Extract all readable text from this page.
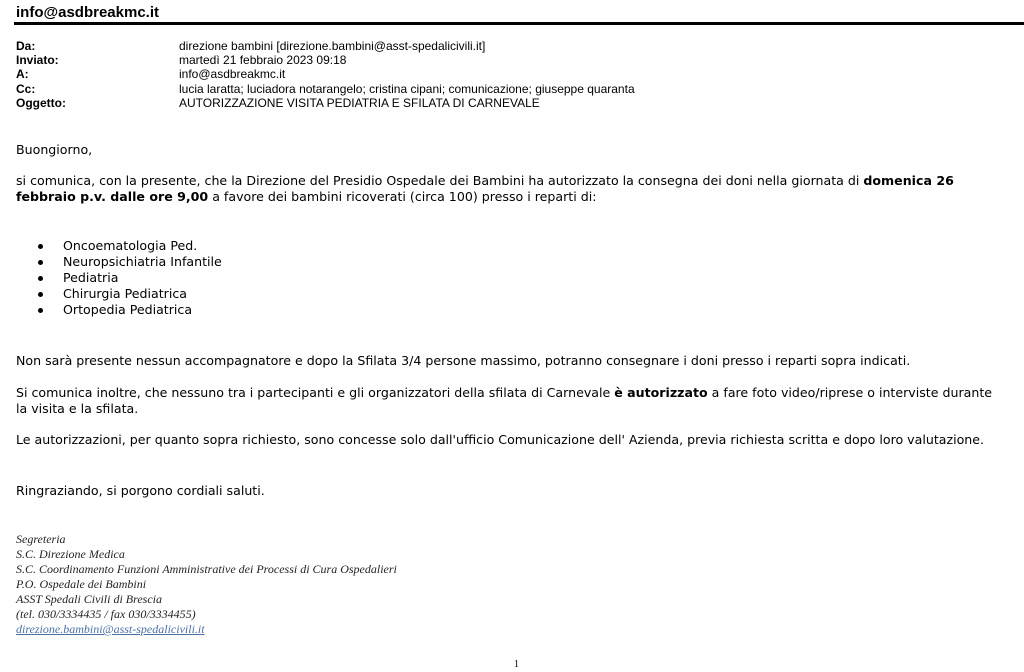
info@asdbreakmc.it
Da:	direzione bambini [direzione.bambini@asst-spedalicivili.it]
Inviato:	martedì 21 febbraio 2023 09:18
A:	info@asdbreakmc.it
Cc:	lucia laratta; luciadora notarangelo; cristina cipani; comunicazione; giuseppe quaranta
Oggetto:	AUTORIZZAZIONE VISITA PEDIATRIA E SFILATA DI CARNEVALE
Buongiorno,
si comunica, con la presente, che la Direzione del Presidio Ospedale dei Bambini ha autorizzato la consegna dei doni nella giornata di domenica 26 febbraio p.v. dalle ore 9,00 a favore dei bambini ricoverati (circa 100) presso i reparti di:
Oncoematologia Ped.
Neuropsichiatria Infantile
Pediatria
Chirurgia Pediatrica
Ortopedia Pediatrica
Non sarà presente nessun accompagnatore e dopo la Sfilata 3/4 persone massimo, potranno consegnare i doni presso i reparti sopra indicati.
Si comunica inoltre, che nessuno tra i partecipanti e gli organizzatori della sfilata di Carnevale è autorizzato a fare foto video/riprese o interviste durante la visita e la sfilata.
Le autorizzazioni, per quanto sopra richiesto, sono concesse solo dall'ufficio Comunicazione dell' Azienda, previa richiesta scritta e dopo loro valutazione.
Ringraziando, si porgono cordiali saluti.
Segreteria
S.C. Direzione Medica
S.C. Coordinamento Funzioni Amministrative dei Processi di Cura Ospedalieri
P.O. Ospedale dei Bambini
ASST Spedali Civili di Brescia
(tel. 030/3334435 / fax 030/3334455)
direzione.bambini@asst-spedalicivili.it
1
